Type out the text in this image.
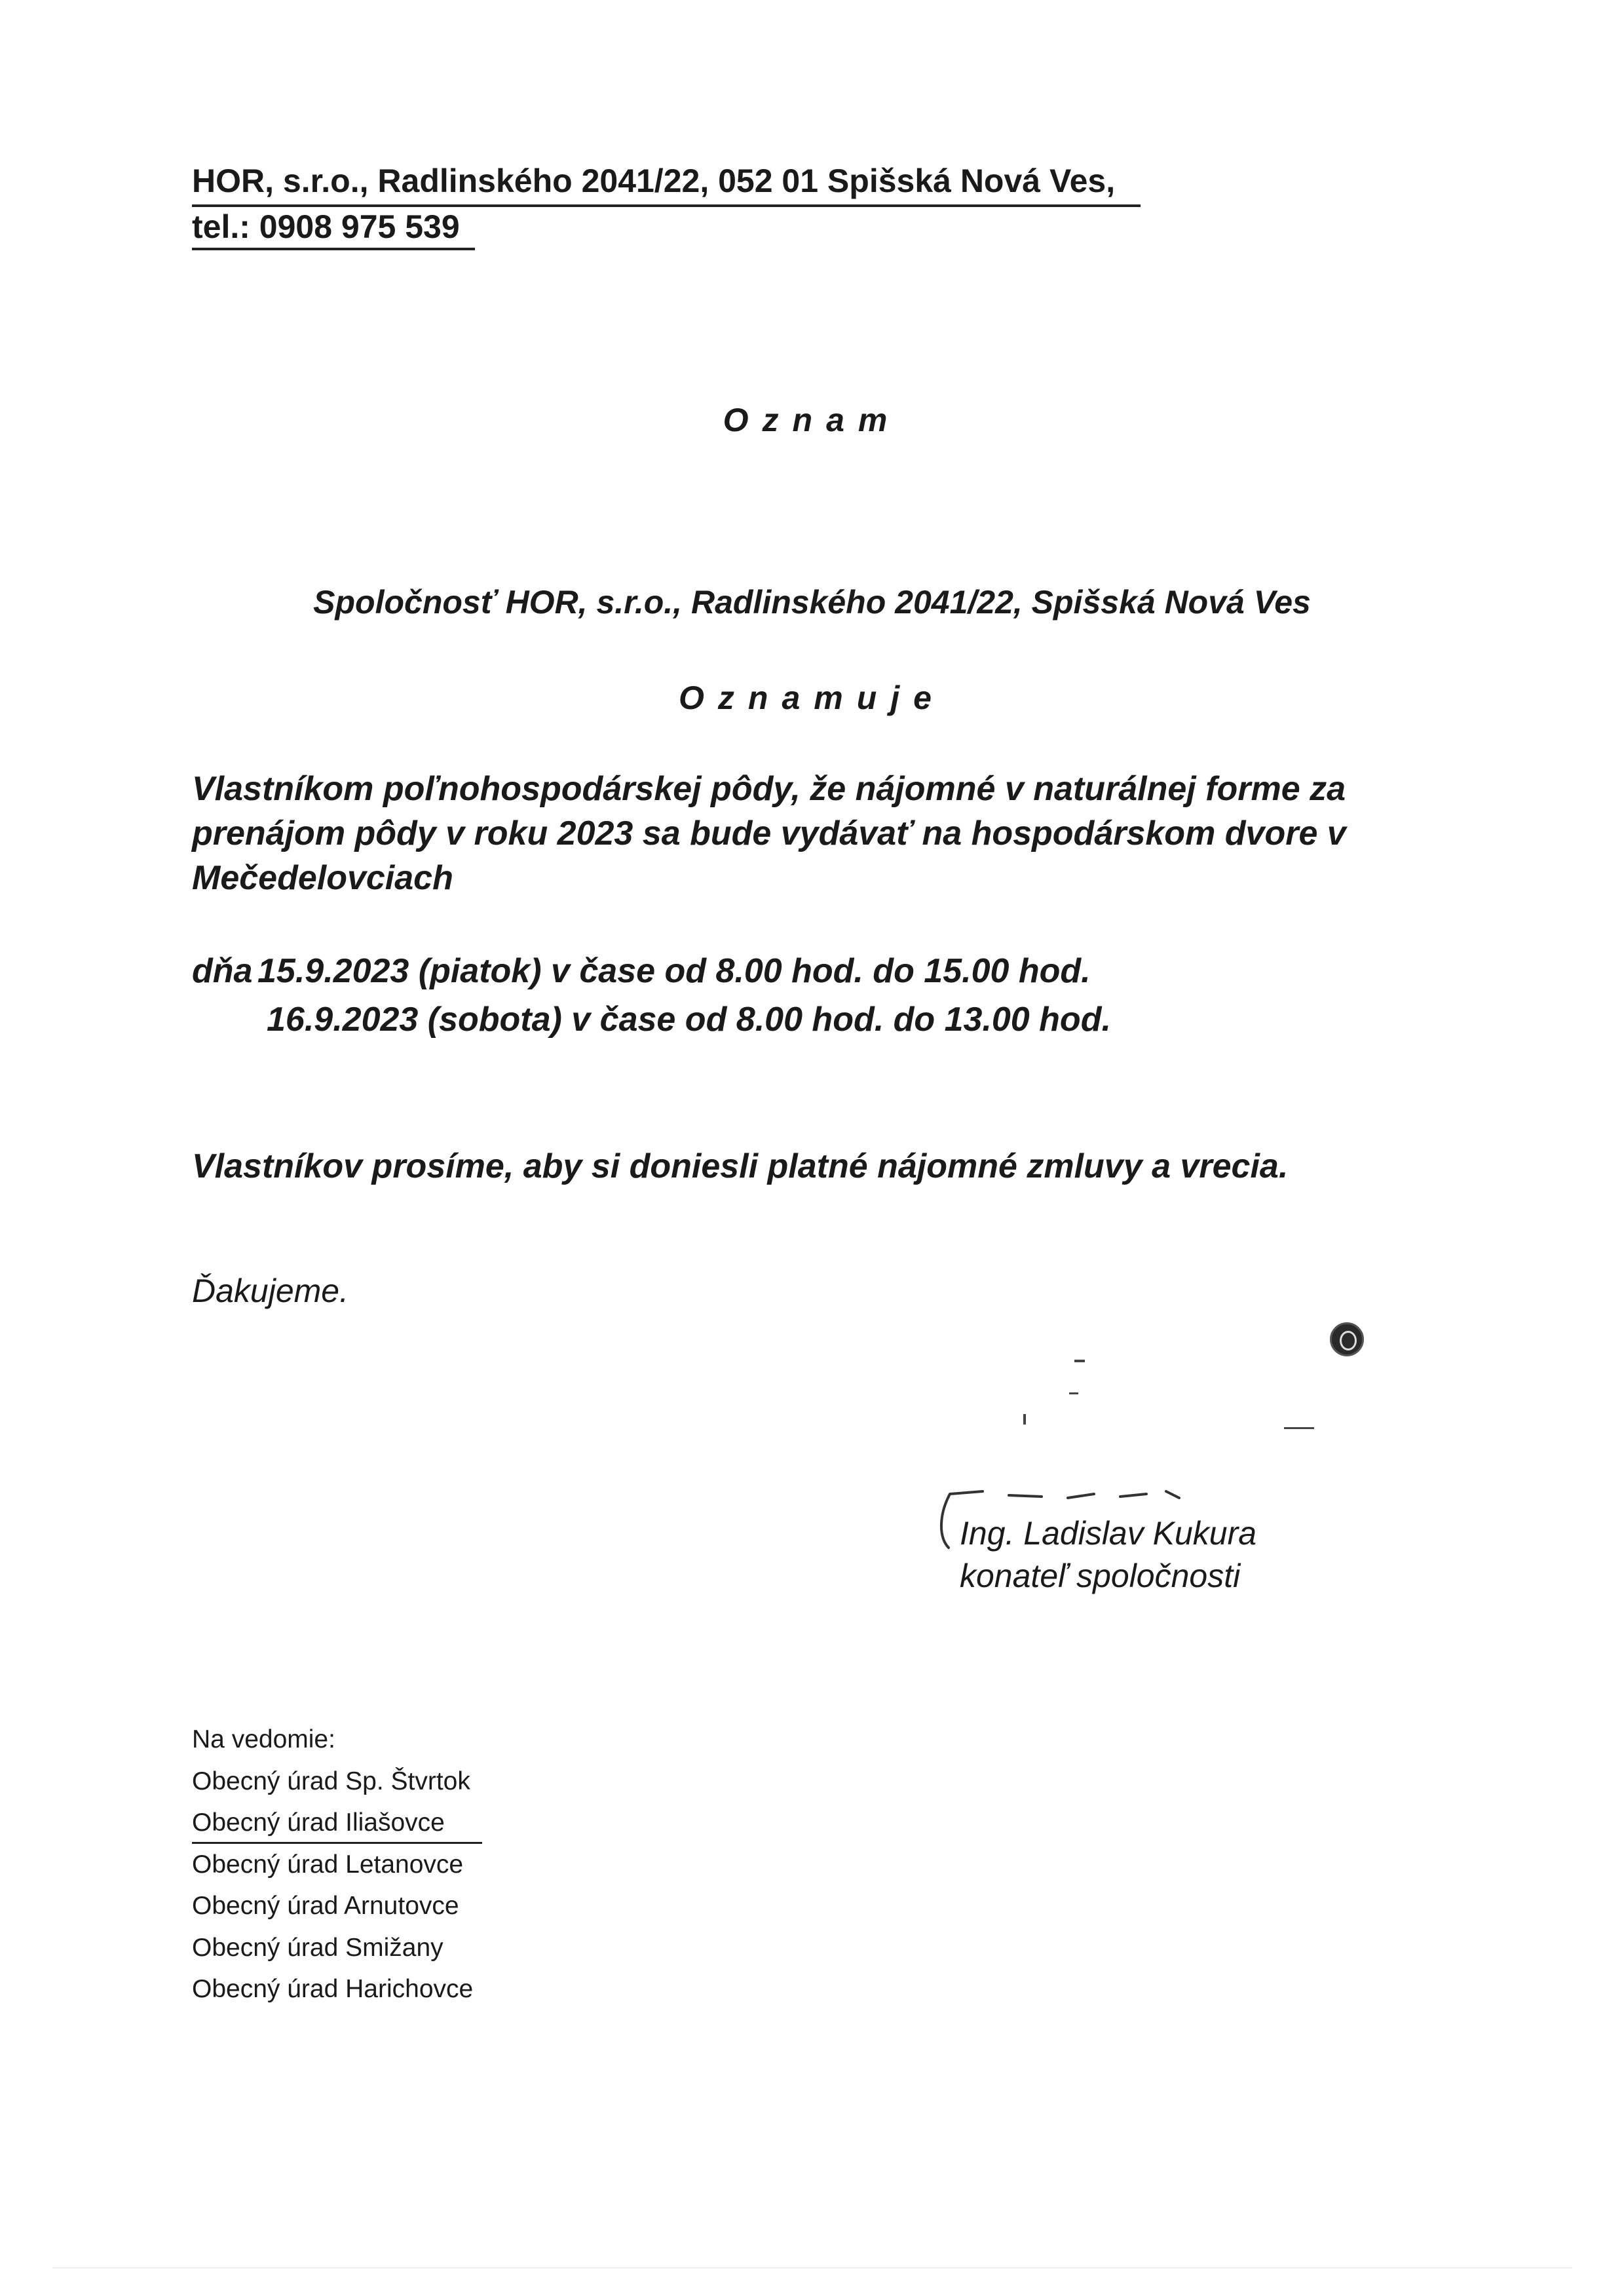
HOR, s.r.o., Radlinského 2041/22, 052 01 Spišská Nová Ves,
tel.: 0908 975 539
Oznam
Spoločnosť HOR, s.r.o., Radlinského 2041/22, Spišská Nová Ves
Oznamuje
Vlastníkom poľnohospodárskej pôdy, že nájomné v naturálnej forme za prenájom pôdy v roku 2023 sa bude vydávať na hospodárskom dvore v Mečedelovciach
dňa 15.9.2023 (piatok) v čase od 8.00 hod. do 15.00 hod.
16.9.2023 (sobota) v čase od 8.00 hod. do 13.00 hod.
Vlastníkov prosíme, aby si doniesli platné nájomné zmluvy a vrecia.
Ďakujeme.
Ing. Ladislav Kukura
konateľ spoločnosti
Na vedomie:
Obecný úrad Sp. Štvrtok
Obecný úrad Iliašovce
Obecný úrad Letanovce
Obecný úrad Arnutovce
Obecný úrad Smižany
Obecný úrad Harichovce
